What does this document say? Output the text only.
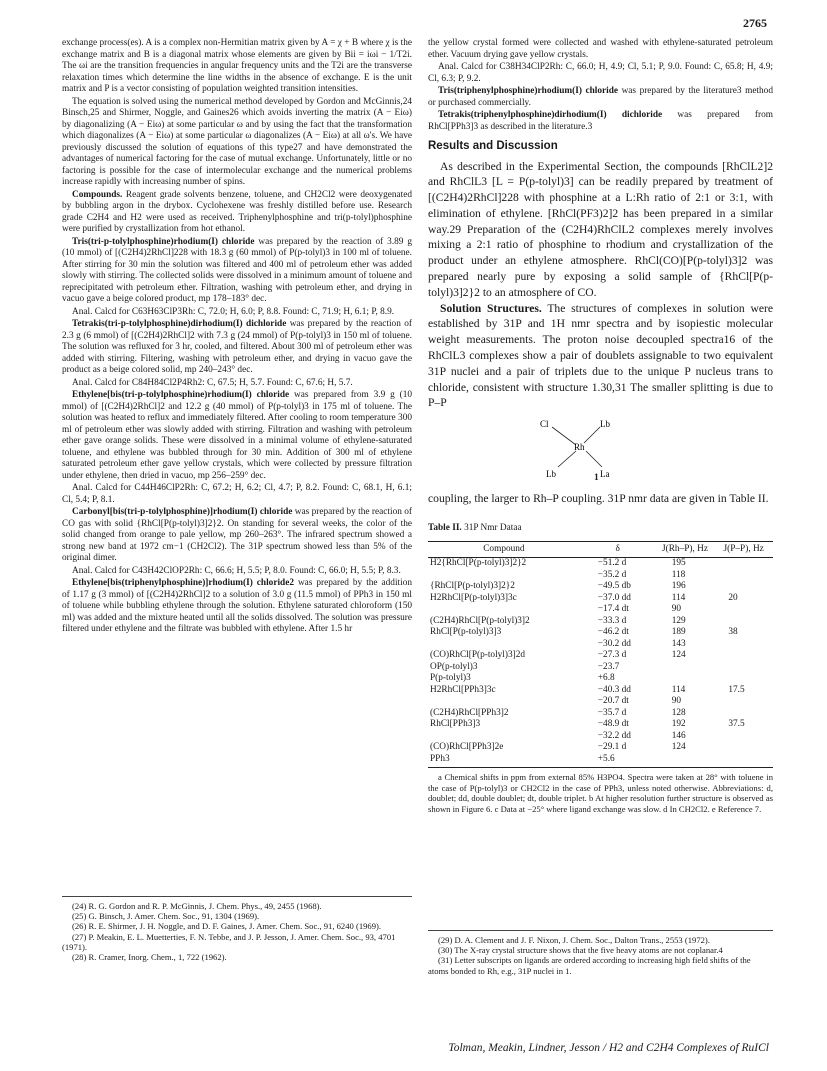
2765

exchange process(es). A is a complex non-Hermitian matrix given by A = χ + B where χ is the exchange matrix and B is a diagonal matrix whose elements are given by Bii = iωi − 1/T2i. The ωi are the transition frequencies in angular frequency units and the T2i are the transverse relaxation times which determine the line widths in the absence of exchange. E is the unit matrix and P is a vector consisting of population weighted transition intensities.

The equation is solved using the numerical method developed by Gordon and McGinnis,24 Binsch,25 and Shirmer, Noggle, and Gaines26 which avoids inverting the matrix (A − Eiω) by diagonalizing (A − Eiω) at some particular ω and by using the fact that the transformation which diagonalizes (A − Eiω) at some particular ω diagonalizes (A − Eiω) at all ω's. We have previously discussed the solution of equations of this type27 and have demonstrated the advantages of numerical factoring for the case of mutual exchange. Unfortunately, little or no factoring is possible for the case of intermolecular exchange and the numerical problems increase rapidly with increasing number of spins.

Compounds. Reagent grade solvents benzene, toluene, and CH2Cl2 were deoxygenated by bubbling argon in the drybox. Cyclohexene was freshly distilled before use. Research grade C2H4 and H2 were used as received. Triphenylphosphine and tri(p-tolyl)phosphine were purified by crystallization from hot ethanol.

Tris(tri-p-tolylphosphine)rhodium(I) chloride was prepared by the reaction of 3.89 g (10 mmol) of [(C2H4)2RhCl]228 with 18.3 g (60 mmol) of P(p-tolyl)3 in 100 ml of toluene. After stirring for 30 min the solution was filtered and 400 ml of petroleum ether was added slowly with stirring. The collected solids were dissolved in a minimum amount of toluene and reprecipitated with petroleum ether. Filtration, washing with petroleum ether, and drying in vacuo gave a beige colored product, mp 178–183° dec.

Anal. Calcd for C63H63ClP3Rh: C, 72.0; H, 6.0; P, 8.8. Found: C, 71.9; H, 6.1; P, 8.9.

Tetrakis(tri-p-tolylphosphine)dirhodium(I) dichloride was prepared by the reaction of 2.3 g (6 mmol) of [(C2H4)2RhCl]2 with 7.3 g (24 mmol) of P(p-tolyl)3 in 150 ml of toluene. The solution was refluxed for 3 hr, cooled, and filtered. About 300 ml of petroleum ether was added with stirring. Filtering, washing with petroleum ether, and drying in vacuo gave the product as a beige colored solid, mp 240–243° dec.

Anal. Calcd for C84H84Cl2P4Rh2: C, 67.5; H, 5.7. Found: C, 67.6; H, 5.7.

Ethylene[bis(tri-p-tolylphosphine)rhodium(I) chloride was prepared from 3.9 g (10 mmol) of [(C2H4)2RhCl]2 and 12.2 g (40 mmol) of P(p-tolyl)3 in 175 ml of toluene. The solution was heated to reflux and immediately filtered. After cooling to room temperature 300 ml of petroleum ether was slowly added with stirring. Filtration and washing with petroleum ether gave orange solids. These were dissolved in a minimal volume of ethylene-saturated toluene, and ethylene was bubbled through for 30 min. Addition of 300 ml of ethylene saturated petroleum ether gave yellow crystals, which were collected by pressure filtration under ethylene, then dried in vacuo, mp 256–259° dec.

Anal. Calcd for C44H46ClP2Rh: C, 67.2; H, 6.2; Cl, 4.7; P, 8.2. Found: C, 68.1, H, 6.1; Cl, 5.4; P, 8.1.

Carbonyl[bis(tri-p-tolylphosphine)]rhodium(I) chloride was prepared by the reaction of CO gas with solid {RhCl[P(p-tolyl)3]2}2. On standing for several weeks, the color of the solid changed from orange to pale yellow, mp 260–263°. The infrared spectrum showed a strong new band at 1972 cm−1 (CH2Cl2). The 31P spectrum showed less than 5% of the original dimer.

Anal. Calcd for C43H42ClOP2Rh: C, 66.6; H, 5.5; P, 8.0. Found: C, 66.0; H, 5.5; P, 8.3.

Ethylene[bis(triphenylphosphine)]rhodium(I) chloride2 was prepared by the addition of 1.17 g (3 mmol) of [(C2H4)2RhCl]2 to a solution of 3.0 g (11.5 mmol) of PPh3 in 150 ml of toluene while bubbling ethylene through the solution. Ethylene saturated chloroform (150 ml) was added and the mixture heated until all the solids dissolved. The solution was pressure filtered under ethylene and the filtrate was bubbled with ethylene. After 1.5 hr

the yellow crystal formed were collected and washed with ethylene-saturated petroleum ether. Vacuum drying gave yellow crystals.

Anal. Calcd for C38H34ClP2Rh: C, 66.0; H, 4.9; Cl, 5.1; P, 9.0. Found: C, 65.8; H, 4.9; Cl, 6.3; P, 9.2.

Tris(triphenylphosphine)rhodium(I) chloride was prepared by the literature3 method or purchased commercially.

Tetrakis(triphenylphosphine)dirhodium(I) dichloride was prepared from RhCl[PPh3]3 as described in the literature.3

Results and Discussion

As described in the Experimental Section, the compounds [RhClL2]2 and RhClL3 [L = P(p-tolyl)3] can be readily prepared by treatment of [(C2H4)2RhCl]228 with phosphine at a L:Rh ratio of 2:1 or 3:1, with elimination of ethylene. [RhCl(PF3)2]2 has been prepared in a similar way.29 Preparation of the (C2H4)RhClL2 complexes merely involves mixing a 2:1 ratio of phosphine to rhodium and crystallization of the product under an ethylene atmosphere. RhCl(CO)[P(p-tolyl)3]2 was prepared nearly pure by exposing a solid sample of {RhCl[P(p-tolyl)3]2}2 to an atmosphere of CO.

Solution Structures. The structures of complexes in solution were established by 31P and 1H nmr spectra and by isopiestic molecular weight measurements. The proton noise decoupled spectra16 of the RhClL3 complexes show a pair of doublets assignable to two equivalent 31P nuclei and a pair of triplets due to the unique P nucleus trans to chloride, consistent with structure 1.30,31 The smaller splitting is due to P–P

Cl	Lb
Rh
Lb	La
1

coupling, the larger to Rh–P coupling. 31P nmr data are given in Table II.

Table II. 31P Nmr Dataa
Compound	δ	J(Rh–P), Hz	J(P–P), Hz
H2{RhCl[P(p-tolyl)3]2}2	−51.2 d	195	
	−35.2 d	118	
{RhCl[P(p-tolyl)3]2}2	−49.5 db	196	
H2RhCl[P(p-tolyl)3]3c	−37.0 dd	114	20
	−17.4 dt	90	
(C2H4)RhCl[P(p-tolyl)3]2	−33.3 d	129	
RhCl[P(p-tolyl)3]3	−46.2 dt	189	38
	−30.2 dd	143	
(CO)RhCl[P(p-tolyl)3]2d	−27.3 d	124	
OP(p-tolyl)3	−23.7		
P(p-tolyl)3	+6.8		
H2RhCl[PPh3]3c	−40.3 dd	114	17.5
	−20.7 dt	90	
(C2H4)RhCl[PPh3]2	−35.7 d	128	
RhCl[PPh3]3	−48.9 dt	192	37.5
	−32.2 dd	146	
(CO)RhCl[PPh3]2e	−29.1 d	124	
PPh3	+5.6		

a Chemical shifts in ppm from external 85% H3PO4. Spectra were taken at 28° with toluene in the case of P(p-tolyl)3 or CH2Cl2 in the case of PPh3, unless noted otherwise. Abbreviations: d, doublet; dd, double doublet; dt, double triplet. b At higher resolution further structure is observed as shown in Figure 6. c Data at −25° where ligand exchange was slow. d In CH2Cl2. e Reference 7.

(24) R. G. Gordon and R. P. McGinnis, J. Chem. Phys., 49, 2455 (1968).

(25) G. Binsch, J. Amer. Chem. Soc., 91, 1304 (1969).

(26) R. E. Shirmer, J. H. Noggle, and D. F. Gaines, J. Amer. Chem. Soc., 91, 6240 (1969).

(27) P. Meakin, E. L. Muetterties, F. N. Tebbe, and J. P. Jesson, J. Amer. Chem. Soc., 93, 4701 (1971).

(28) R. Cramer, Inorg. Chem., 1, 722 (1962).

(29) D. A. Clement and J. F. Nixon, J. Chem. Soc., Dalton Trans., 2553 (1972).

(30) The X-ray crystal structure shows that the five heavy atoms are not coplanar.4

(31) Letter subscripts on ligands are ordered according to increasing high field shifts of the atoms bonded to Rh, e.g., 31P nuclei in 1.

Tolman, Meakin, Lindner, Jesson / H2 and C2H4 Complexes of RuICl
